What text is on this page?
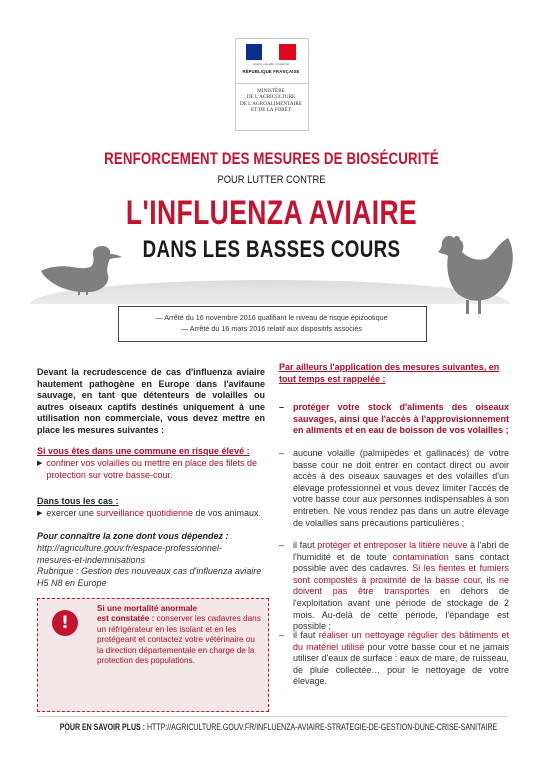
Liberté • Égalité • Fraternité
RÉPUBLIQUE FRANÇAISE
MINISTÈRE
DE L'AGRICULTURE
DE L'AGROALIMENTAIRE
ET DE LA FORÊT
RENFORCEMENT DES MESURES DE BIOSÉCURITÉ
POUR LUTTER CONTRE
L'INFLUENZA AVIAIRE
DANS LES BASSES COURS
— Arrêté du 16 novembre 2016 qualifiant le niveau de risque épizootique
— Arrêté du 16 mars 2016 relatif aux dispositifs associés
Devant la recrudescence de cas d'influenza aviaire hautement pathogène en Europe dans l'avifaune sauvage, en tant que détenteurs de volailles ou autres oiseaux captifs destinés uniquement à une utilisation non commerciale, vous devez mettre en place les mesures suivantes :
Si vous êtes dans une commune en risque élevé :
▶ confiner vos volailles ou mettre en place des filets de protection sur votre basse-cour.
Dans tous les cas :
▶ exercer une surveillance quotidienne de vos animaux.
Pour connaître la zone dont vous dépendez :
http://agriculture.gouv.fr/espace-professionnel-
mesures-et-indemnisations
Rubrique : Gestion des nouveaux cas d'influenza aviaire H5 N8 en Europe
!
Si une mortalité anormale
est constatée : conserver les cadavres dans un réfrigérateur en les isolant et en les protégeant et contactez votre vétérinaire ou la direction départementale en charge de la protection des populations.
Par ailleurs l'application des mesures suivantes, en tout temps est rappelée :
– protéger votre stock d'aliments des oiseaux sauvages, ainsi que l'accès à l'approvisionnement en aliments et en eau de boisson de vos volailles ;
– aucune volaille (palmipèdes et gallinacés) de votre basse cour ne doit entrer en contact direct ou avoir accès à des oiseaux sauvages et des volailles d'un élevage professionnel et vous devez limiter l'accès de votre basse cour aux personnes indispensables à son entretien. Ne vous rendez pas dans un autre élevage de volailles sans précautions particulières ;
– il faut protéger et entreposer la litière neuve à l'abri de l'humidité et de toute contamination sans contact possible avec des cadavres. Si les fientes et fumiers sont compostés à proximité de la basse cour, ils ne doivent pas être transportés en dehors de l'exploitation avant une période de stockage de 2 mois. Au-delà de cette période, l'épandage est possible ;
– il faut réaliser un nettoyage régulier des bâtiments et du matériel utilisé pour votre basse cour et ne jamais utiliser d'eaux de surface : eaux de mare, de ruisseau, de pluie collectée… pour le nettoyage de votre élevage.
POUR EN SAVOIR PLUS : HTTP://AGRICULTURE.GOUV.FR/INFLUENZA-AVIAIRE-STRATEGIE-DE-GESTION-DUNE-CRISE-SANITAIRE
